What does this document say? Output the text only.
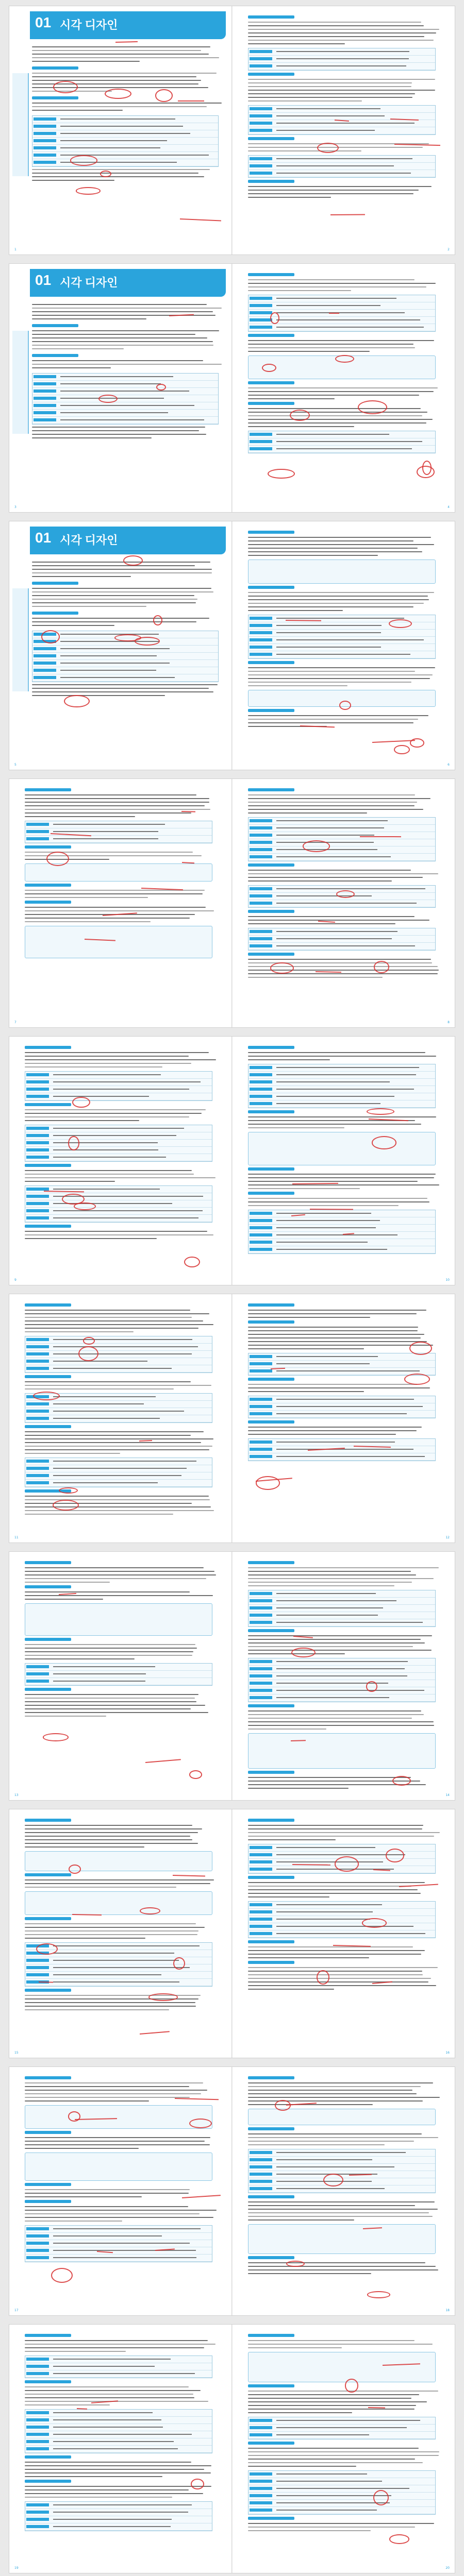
01 시각 디자인
1	2
01 시각 디자인
3	4
01 시각 디자인
5	6
7	8
9	10
11	12
13	14
15	16
17	18
19	20
